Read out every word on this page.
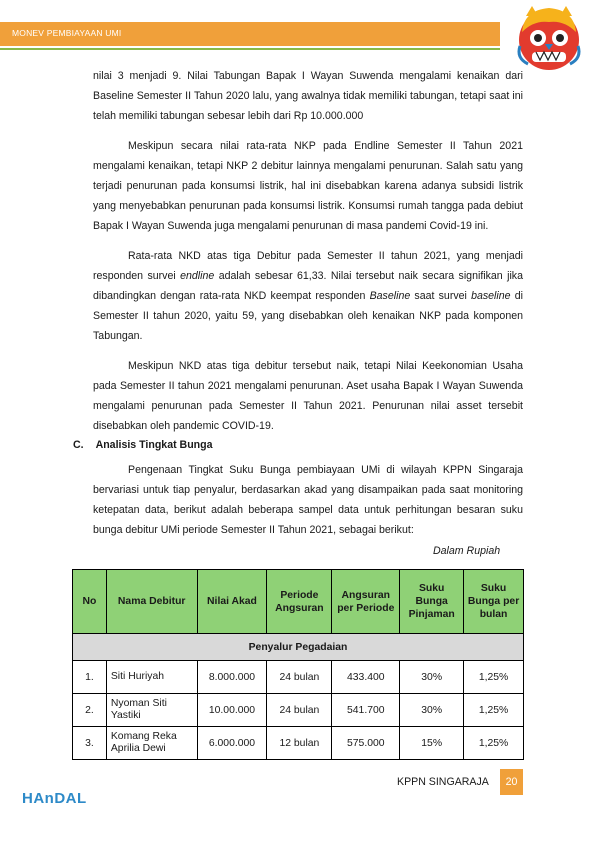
MONEV PEMBIAYAAN UMI

nilai 3 menjadi 9. Nilai Tabungan Bapak I Wayan Suwenda mengalami kenaikan dari Baseline Semester II Tahun 2020 lalu, yang awalnya tidak memiliki tabungan, tetapi saat ini telah memiliki tabungan sebesar lebih dari Rp 10.000.000

Meskipun secara nilai rata-rata NKP pada Endline Semester II Tahun 2021 mengalami kenaikan, tetapi NKP 2 debitur lainnya mengalami penurunan. Salah satu yang terjadi penurunan pada konsumsi listrik, hal ini disebabkan karena adanya subsidi listrik yang menyebabkan penurunan pada konsumsi listrik. Konsumsi rumah tangga pada debiut Bapak I Wayan Suwenda juga mengalami penurunan di masa pandemi Covid-19 ini.

Rata-rata NKD atas tiga Debitur pada Semester II tahun 2021, yang menjadi responden survei endline adalah sebesar 61,33. Nilai tersebut naik secara signifikan jika dibandingkan dengan rata-rata NKD keempat responden Baseline saat survei baseline di Semester II tahun 2020, yaitu 59, yang disebabkan oleh kenaikan NKP pada komponen Tabungan.

Meskipun NKD atas tiga debitur tersebut naik, tetapi Nilai Keekonomian Usaha pada Semester II tahun 2021 mengalami penurunan. Aset usaha Bapak I Wayan Suwenda mengalami penurunan pada Semester II Tahun 2021. Penurunan nilai asset tersebit disebabkan oleh pandemic COVID-19.

C. Analisis Tingkat Bunga

Pengenaan Tingkat Suku Bunga pembiayaan UMi di wilayah KPPN Singaraja bervariasi untuk tiap penyalur, berdasarkan akad yang disampaikan pada saat monitoring ketepatan data, berikut adalah beberapa sampel data untuk perhitungan besaran suku bunga debitur UMi periode Semester II Tahun 2021, sebagai berikut:

Dalam Rupiah
No	Nama Debitur	Nilai Akad	Periode Angsuran	Angsuran per Periode	Suku Bunga Pinjaman	Suku Bunga per bulan
Penyalur Pegadaian						
1.	Siti Huriyah	8.000.000	24 bulan	433.400	30%	1,25%
2.	Nyoman Siti Yastiki	10.00.000	24 bulan	541.700	30%	1,25%
3.	Komang Reka Aprilia Dewi	6.000.000	12 bulan	575.000	15%	1,25%
KPPN SINGARAJA	20
HAnDAL
